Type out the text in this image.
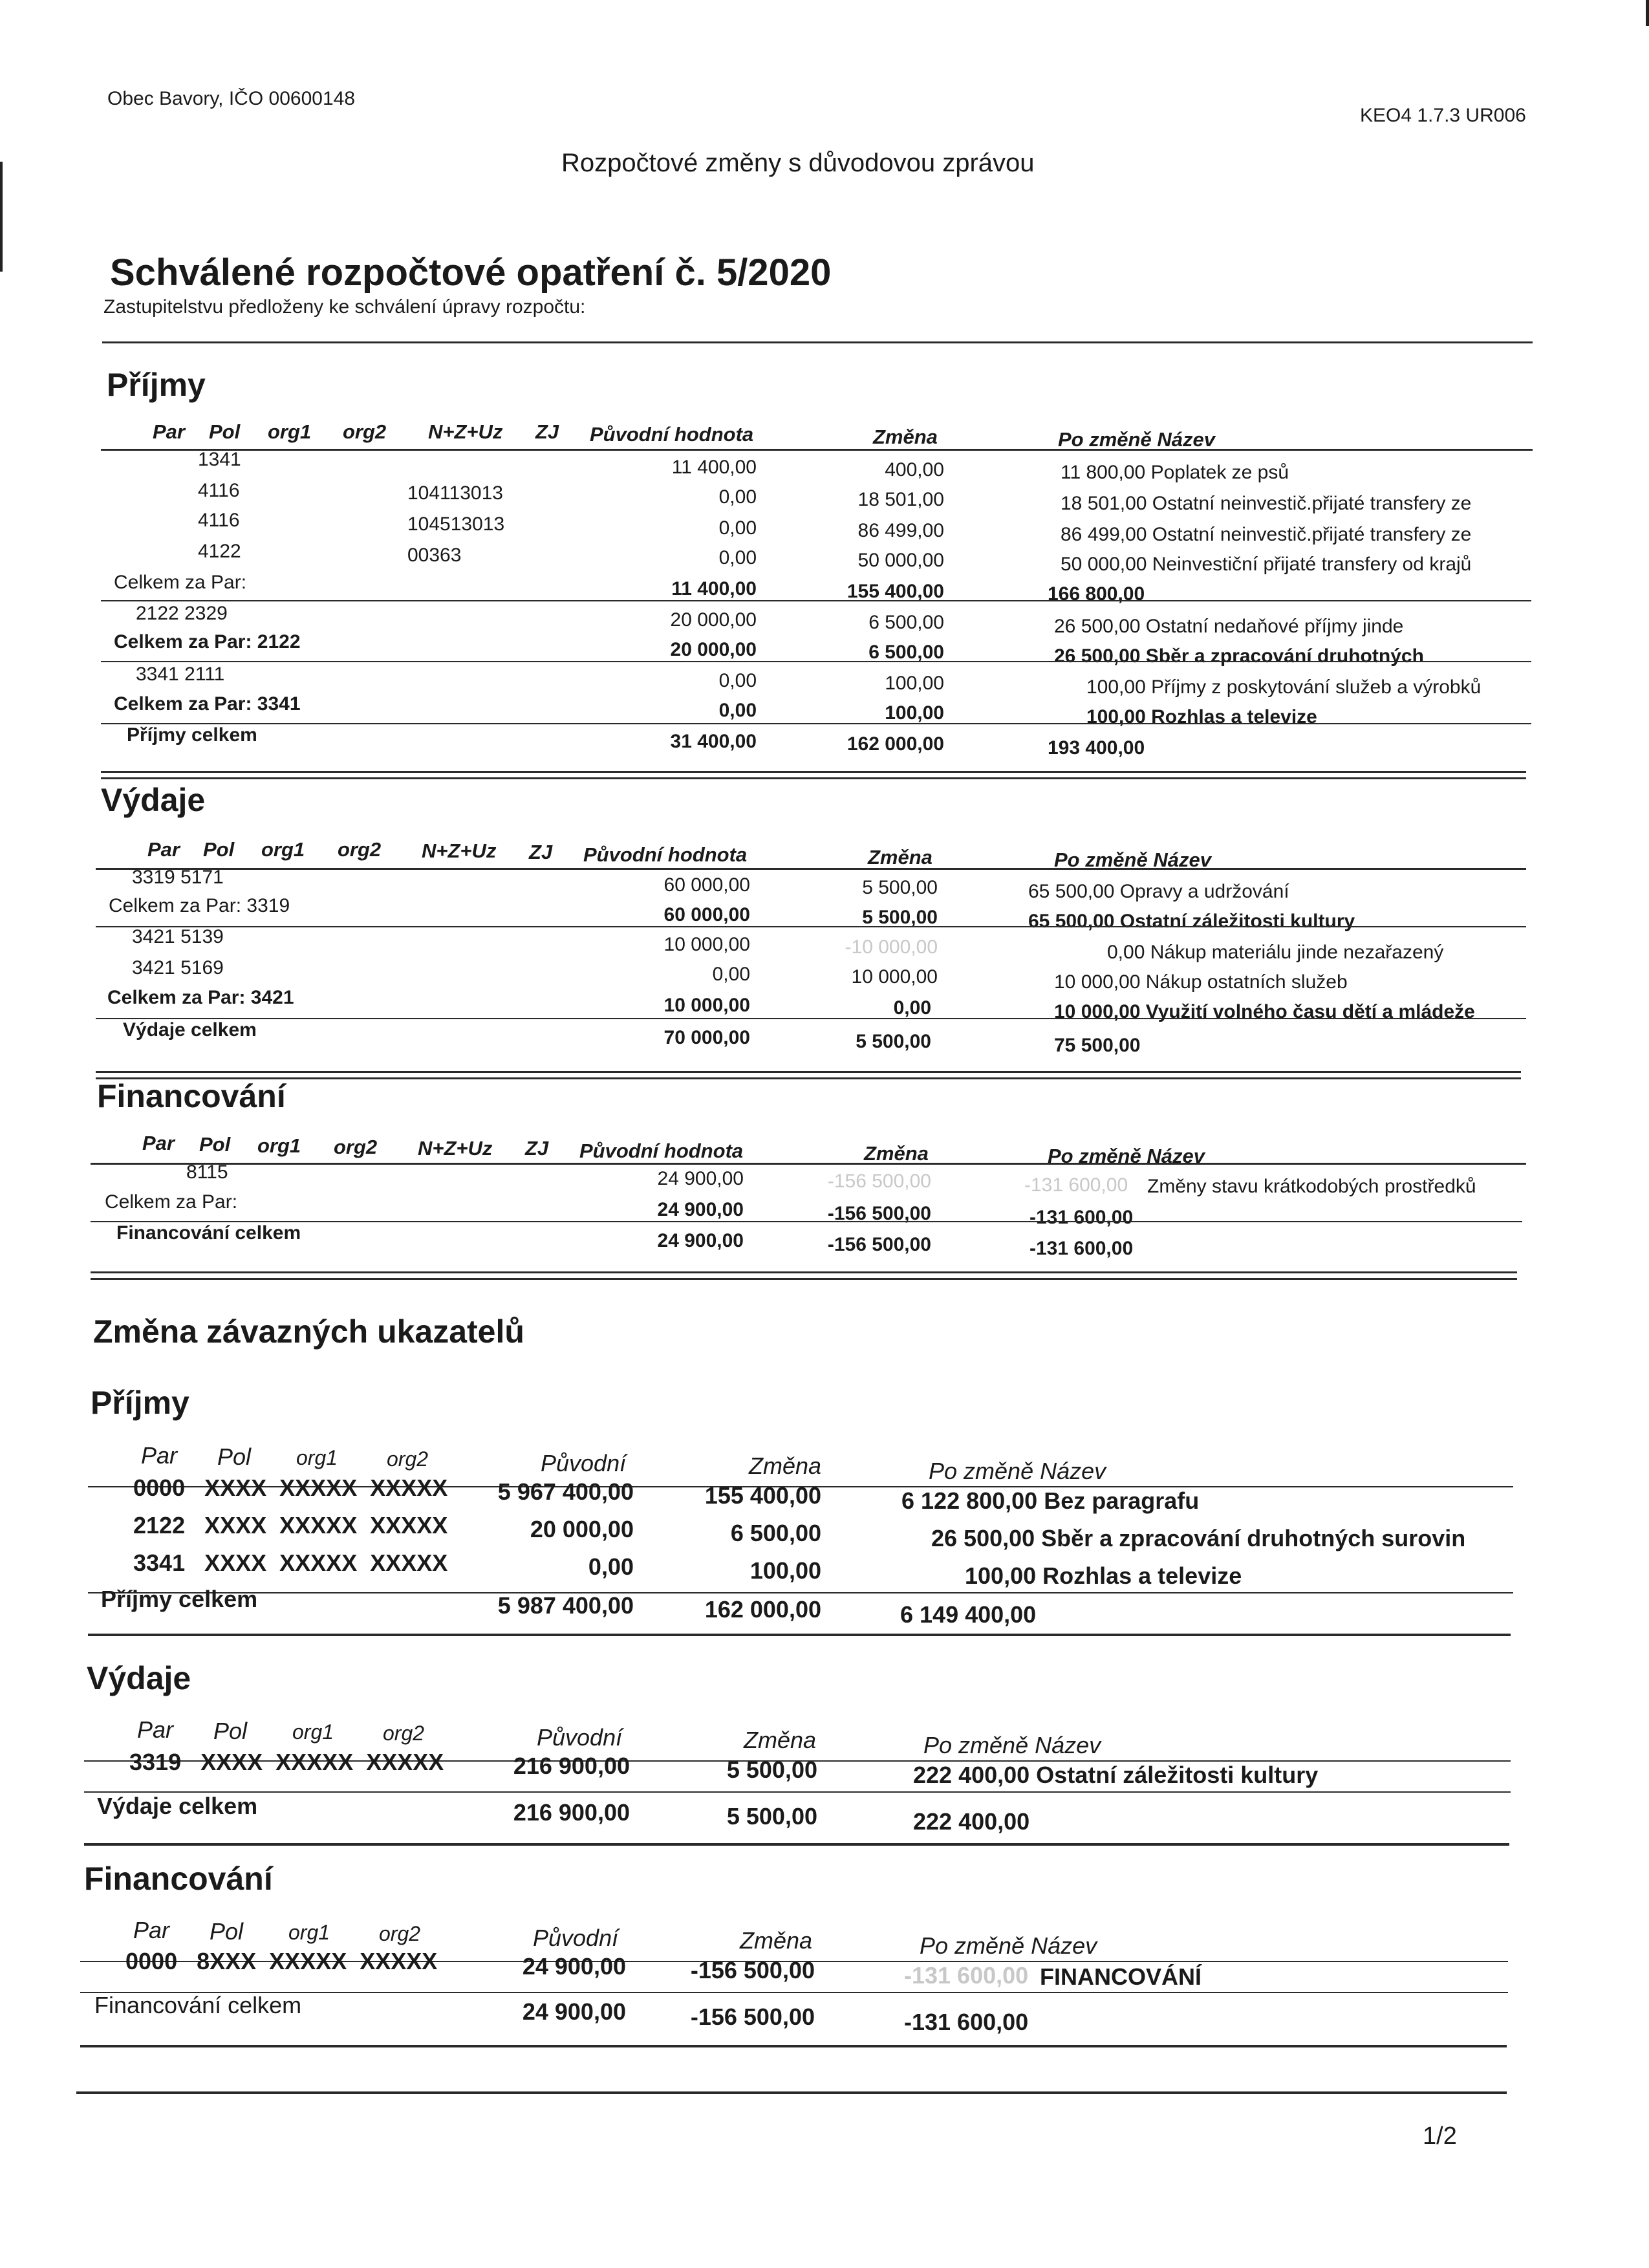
Obec Bavory, IČO 00600148
KEO4 1.7.3 UR006
Rozpočtové změny s důvodovou zprávou
Schválené rozpočtové opatření č. 5/2020
Zastupitelstvu předloženy ke schválení úpravy rozpočtu:
Příjmy
Par Pol org1 org2 N+Z+Uz ZJ Původní hodnota	Změna	Po změně Název
1341	11 400,00	400,00	11 800,00 Poplatek ze psů
4116	104113013	0,00	18 501,00	18 501,00 Ostatní neinvestič.přijaté transfery ze
4116	104513013	0,00	86 499,00	86 499,00 Ostatní neinvestič.přijaté transfery ze
4122	00363	0,00	50 000,00	50 000,00 Neinvestiční přijaté transfery od krajů
Celkem za Par:	11 400,00	155 400,00	166 800,00
2122 2329	20 000,00	6 500,00	26 500,00 Ostatní nedaňové příjmy jinde
Celkem za Par: 2122	20 000,00	6 500,00	26 500,00 Sběr a zpracování druhotných
3341 2111	0,00	100,00	100,00 Příjmy z poskytování služeb a výrobků
Celkem za Par: 3341	0,00	100,00	100,00 Rozhlas a televize
Příjmy celkem	31 400,00	162 000,00	193 400,00
Výdaje
Par Pol org1 org2 N+Z+Uz ZJ Původní hodnota	Změna	Po změně Název
3319 5171	60 000,00	5 500,00	65 500,00 Opravy a udržování
Celkem za Par: 3319	60 000,00	5 500,00	65 500,00 Ostatní záležitosti kultury
3421 5139	10 000,00	-10 000,00	0,00 Nákup materiálu jinde nezařazený
3421 5169	0,00	10 000,00	10 000,00 Nákup ostatních služeb
Celkem za Par: 3421	10 000,00	0,00	10 000,00 Využití volného času dětí a mládeže
Výdaje celkem	70 000,00	5 500,00	75 500,00
Financování
Par Pol org1 org2 N+Z+Uz ZJ Původní hodnota	Změna	Po změně Název
8115	24 900,00	-156 500,00	-131 600,00 Změny stavu krátkodobých prostředků
Celkem za Par:	24 900,00	-156 500,00	-131 600,00
Financování celkem	24 900,00	-156 500,00	-131 600,00
Změna závazných ukazatelů
Příjmy
Par Pol org1 org2	Původní	Změna	Po změně Název
0000   XXXX  XXXXX  XXXXX	5 967 400,00	155 400,00	6 122 800,00 Bez paragrafu
2122   XXXX  XXXXX  XXXXX	20 000,00	6 500,00	26 500,00 Sběr a zpracování druhotných surovin
3341   XXXX  XXXXX  XXXXX	0,00	100,00	100,00 Rozhlas a televize
Příjmy celkem	5 987 400,00	162 000,00	6 149 400,00
Výdaje
Par Pol org1 org2	Původní	Změna	Po změně Název
3319   XXXX  XXXXX  XXXXX	216 900,00	5 500,00	222 400,00 Ostatní záležitosti kultury
Výdaje celkem	216 900,00	5 500,00	222 400,00
Financování
Par Pol org1 org2	Původní	Změna	Po změně Název
0000   8XXX  XXXXX  XXXXX	24 900,00	-156 500,00	-131 600,00 FINANCOVÁNÍ
Financování celkem	24 900,00	-156 500,00	-131 600,00
1/2
